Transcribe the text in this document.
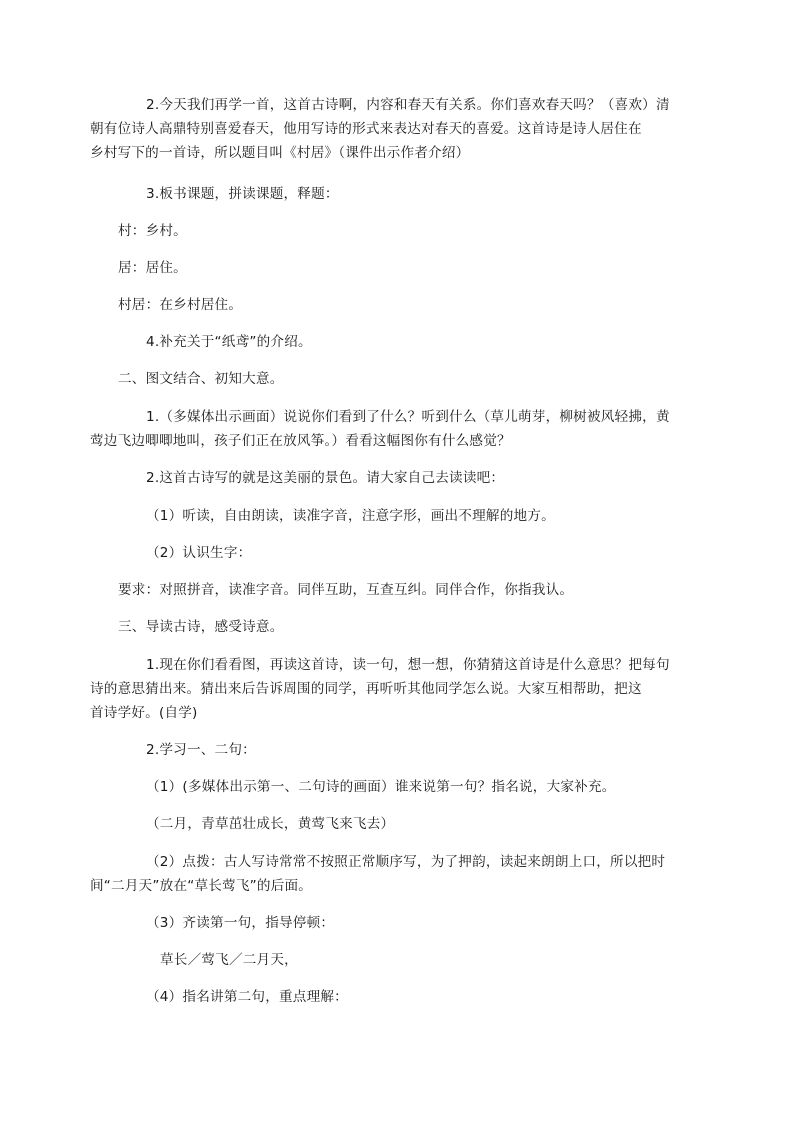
2.今天我们再学一首，这首古诗啊，内容和春天有关系。你们喜欢春天吗？（喜欢）清
朝有位诗人高鼎特别喜爱春天，他用写诗的形式来表达对春天的喜爱。这首诗是诗人居住在
乡村写下的一首诗，所以题目叫《村居》（课件出示作者介绍）
3.板书课题，拼读课题，释题：
村：乡村。
居：居住。
村居：在乡村居住。
4.补充关于“纸鸢”的介绍。
二、图文结合、初知大意。
1.（多媒体出示画面）说说你们看到了什么？听到什么（草儿萌芽，柳树被风轻拂，黄
莺边飞边唧唧地叫，孩子们正在放风筝。）看看这幅图你有什么感觉？
2.这首古诗写的就是这美丽的景色。请大家自己去读读吧：
（1）听读，自由朗读，读准字音，注意字形，画出不理解的地方。
（2）认识生字：
要求：对照拼音，读准字音。同伴互助，互查互纠。同伴合作，你指我认。
三、导读古诗，感受诗意。
1.现在你们看看图，再读这首诗，读一句，想一想，你猜猜这首诗是什么意思？把每句
诗的意思猜出来。猜出来后告诉周围的同学，再听听其他同学怎么说。大家互相帮助，把这
首诗学好。(自学)
2.学习一、二句：
（1）(多媒体出示第一、二句诗的画面）谁来说第一句？指名说，大家补充。
（二月，青草茁壮成长，黄莺飞来飞去）
（2）点拨：古人写诗常常不按照正常顺序写，为了押韵，读起来朗朗上口，所以把时
间“二月天”放在“草长莺飞”的后面。
（3）齐读第一句，指导停顿：
草长／莺飞／二月天，
（4）指名讲第二句，重点理解：
